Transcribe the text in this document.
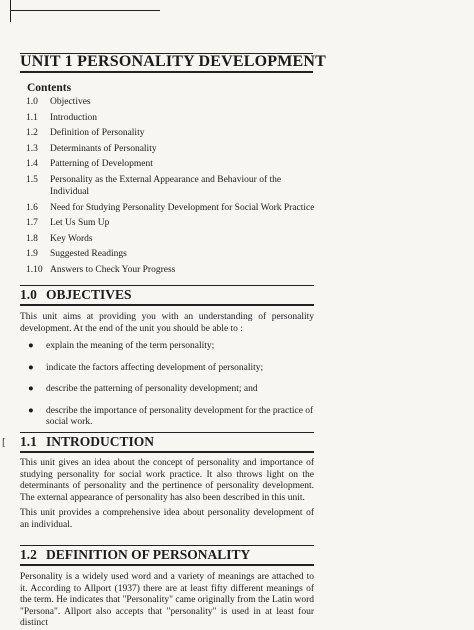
[
UNIT 1 PERSONALITY DEVELOPMENT
Contents
1.0	Objectives
1.1	Introduction
1.2	Definition of Personality
1.3	Determinants of Personality
1.4	Patterning of Development
1.5	Personality as the External Appearance and Behaviour of the Individual
1.6	Need for Studying Personality Development for Social Work Practice
1.7	Let Us Sum Up
1.8	Key Words
1.9	Suggested Readings
1.10 Answers to Check Your Progress
1.0 OBJECTIVES

This unit aims at providing you with an understanding of personality development. At the end of the unit you should be able to :

● explain the meaning of the term personality;
● indicate the factors affecting development of personality;
● describe the patterning of personality development; and
● describe the importance of personality development for the practice of social work.
1.1 INTRODUCTION

This unit gives an idea about the concept of personality and importance of studying personality for social work practice. It also throws light on the determinants of personality and the pertinence of personality development. The external appearance of personality has also been described in this unit.

This unit provides a comprehensive idea about personality development of an individual.

1.2 DEFINITION OF PERSONALITY

Personality is a widely used word and a variety of meanings are attached to it. According to Allport (1937) there are at least fifty different meanings of the term. He indicates that "Personality" came originally from the Latin word "Persona". Allport also accepts that "personality" is used in at least four distinct
